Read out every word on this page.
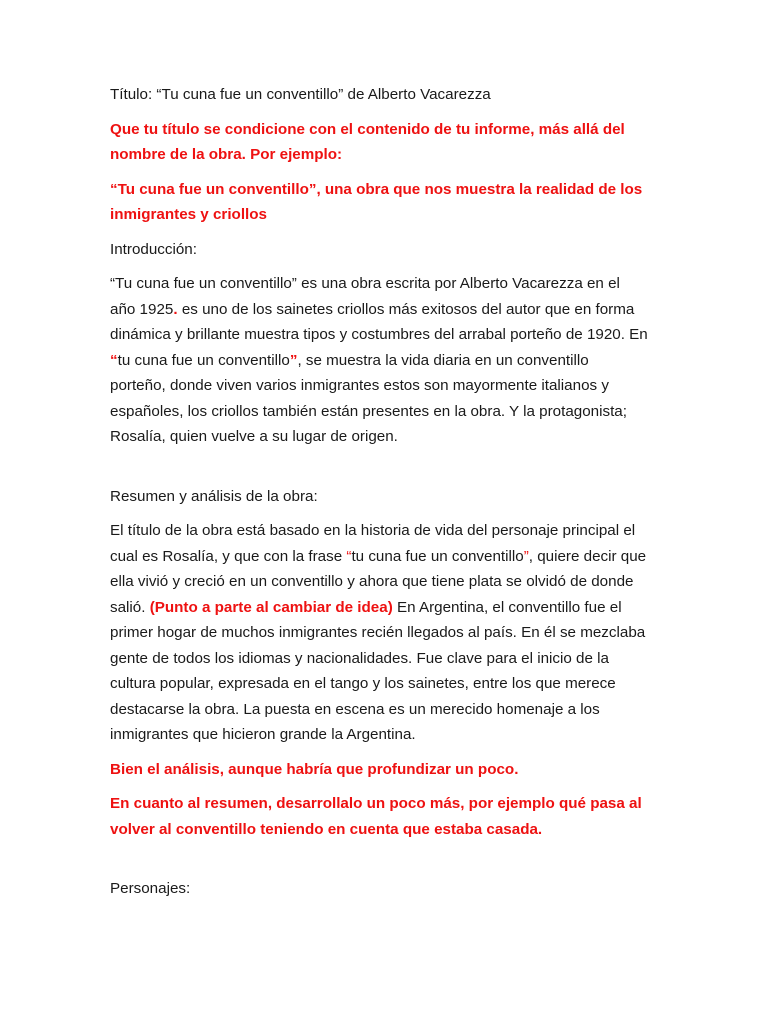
Título: “Tu cuna fue un conventillo” de Alberto Vacarezza

Que tu título se condicione con el contenido de tu informe, más allá del

nombre de la obra. Por ejemplo:

“Tu cuna fue un conventillo”, una obra que nos muestra la realidad de los

inmigrantes y criollos

Introducción:

“Tu cuna fue un conventillo” es una obra escrita por Alberto Vacarezza en el

año 1925. es uno de los sainetes criollos más exitosos del autor que en forma

dinámica y brillante muestra tipos y costumbres del arrabal porteño de 1920. En

“tu cuna fue un conventillo”, se muestra la vida diaria en un conventillo

porteño, donde viven varios inmigrantes estos son mayormente italianos y

españoles, los criollos también están presentes en la obra. Y la protagonista;

Rosalía, quien vuelve a su lugar de origen.

Resumen y análisis de la obra:

El título de la obra está basado en la historia de vida del personaje principal el

cual es Rosalía, y que con la frase “tu cuna fue un conventillo”, quiere decir que

ella vivió y creció en un conventillo y ahora que tiene plata se olvidó de donde

salió. (Punto a parte al cambiar de idea) En Argentina, el conventillo fue el

primer hogar de muchos inmigrantes recién llegados al país. En él se mezclaba

gente de todos los idiomas y nacionalidades. Fue clave para el inicio de la

cultura popular, expresada en el tango y los sainetes, entre los que merece

destacarse la obra. La puesta en escena es un merecido homenaje a los

inmigrantes que hicieron grande la Argentina.

Bien el análisis, aunque habría que profundizar un poco.

En cuanto al resumen, desarrollalo un poco más, por ejemplo qué pasa al

volver al conventillo teniendo en cuenta que estaba casada.

Personajes:
